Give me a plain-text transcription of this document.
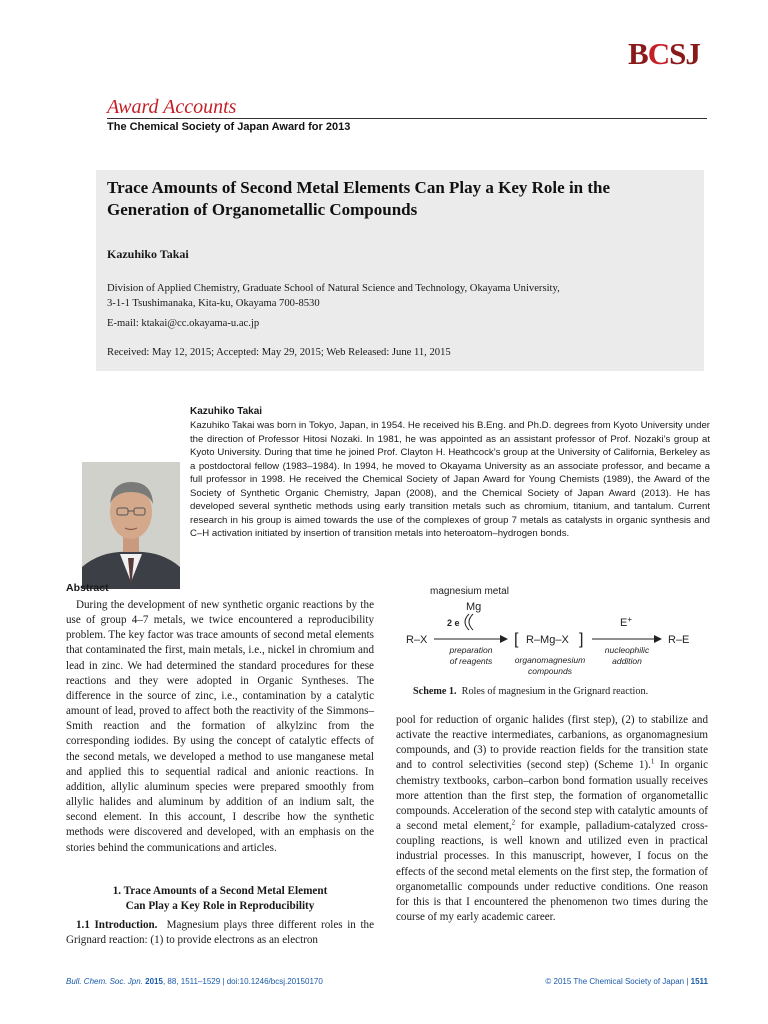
BCSJ
Award Accounts
The Chemical Society of Japan Award for 2013
Trace Amounts of Second Metal Elements Can Play a Key Role in the Generation of Organometallic Compounds
Kazuhiko Takai
Division of Applied Chemistry, Graduate School of Natural Science and Technology, Okayama University,
3-1-1 Tsushimanaka, Kita-ku, Okayama 700-8530
E-mail: ktakai@cc.okayama-u.ac.jp
Received: May 12, 2015; Accepted: May 29, 2015; Web Released: June 11, 2015
Kazuhiko Takai
Kazuhiko Takai was born in Tokyo, Japan, in 1954. He received his B.Eng. and Ph.D. degrees from Kyoto University under the direction of Professor Hitosi Nozaki. In 1981, he was appointed as an assistant professor of Prof. Nozaki’s group at Kyoto University. During that time he joined Prof. Clayton H. Heathcock’s group at the University of California, Berkeley as a postdoctoral fellow (1983–1984). In 1994, he moved to Okayama University as an associate professor, and became a full professor in 1998. He received the Chemical Society of Japan Award for Young Chemists (1989), the Award of the Society of Synthetic Organic Chemistry, Japan (2008), and the Chemical Society of Japan Award (2013). He has developed several synthetic methods using early transition metals such as chromium, titanium, and tantalum. Current research in his group is aimed towards the use of the complexes of group 7 metals as catalysts in organic synthesis and C–H activation initiated by insertion of transition metals into heteroatom–hydrogen bonds.
Abstract
During the development of new synthetic organic reactions by the use of group 4–7 metals, we twice encountered a reproducibility problem. The key factor was trace amounts of second metal elements that contaminated the first, main metals, i.e., nickel in chromium and lead in zinc. We had determined the standard procedures for these reactions and they were adopted in Organic Syntheses. The difference in the source of zinc, i.e., contamination by a catalytic amount of lead, proved to affect both the reactivity of the Simmons–Smith reaction and the formation of alkylzinc from the corresponding iodides. By using the concept of catalytic effects of the second metals, we developed a method to use manganese metal and applied this to sequential radical and anionic reactions. In addition, allylic aluminum species were prepared smoothly from allylic halides and aluminum by addition of an indium salt, the second element. In this account, I describe how the synthetic methods were discovered and developed, with an emphasis on the stories behind the communications and articles.
1. Trace Amounts of a Second Metal Element
Can Play a Key Role in Reproducibility
1.1 Introduction. Magnesium plays three different roles in the Grignard reaction: (1) to provide electrons as an electron
magnesium metal
Mg
2 e	E+
R–X	[ R–Mg–X ]	R–E
preparation
of reagents	organomagnesium
compounds
nucleophilic
addition
Scheme 1. Roles of magnesium in the Grignard reaction.
pool for reduction of organic halides (first step), (2) to stabilize and activate the reactive intermediates, carbanions, as organomagnesium compounds, and (3) to provide reaction fields for the transition state and to control selectivities (second step) (Scheme 1).$^1$ In organic chemistry textbooks, carbon–carbon bond formation usually receives more attention than the first step, the formation of organometallic compounds. Acceleration of the second step with catalytic amounts of a second metal element,$^2$ for example, palladium-catalyzed cross-coupling reactions, is well known and utilized even in practical industrial processes. In this manuscript, however, I focus on the effects of the second metal elements on the first step, the formation of organometallic compounds under reductive conditions. One reason for this is that I encountered the phenomenon two times during the course of my early academic career.
Bull. Chem. Soc. Jpn. 2015, 88, 1511–1529 | doi:10.1246/bcsj.20150170	© 2015 The Chemical Society of Japan | 1511
